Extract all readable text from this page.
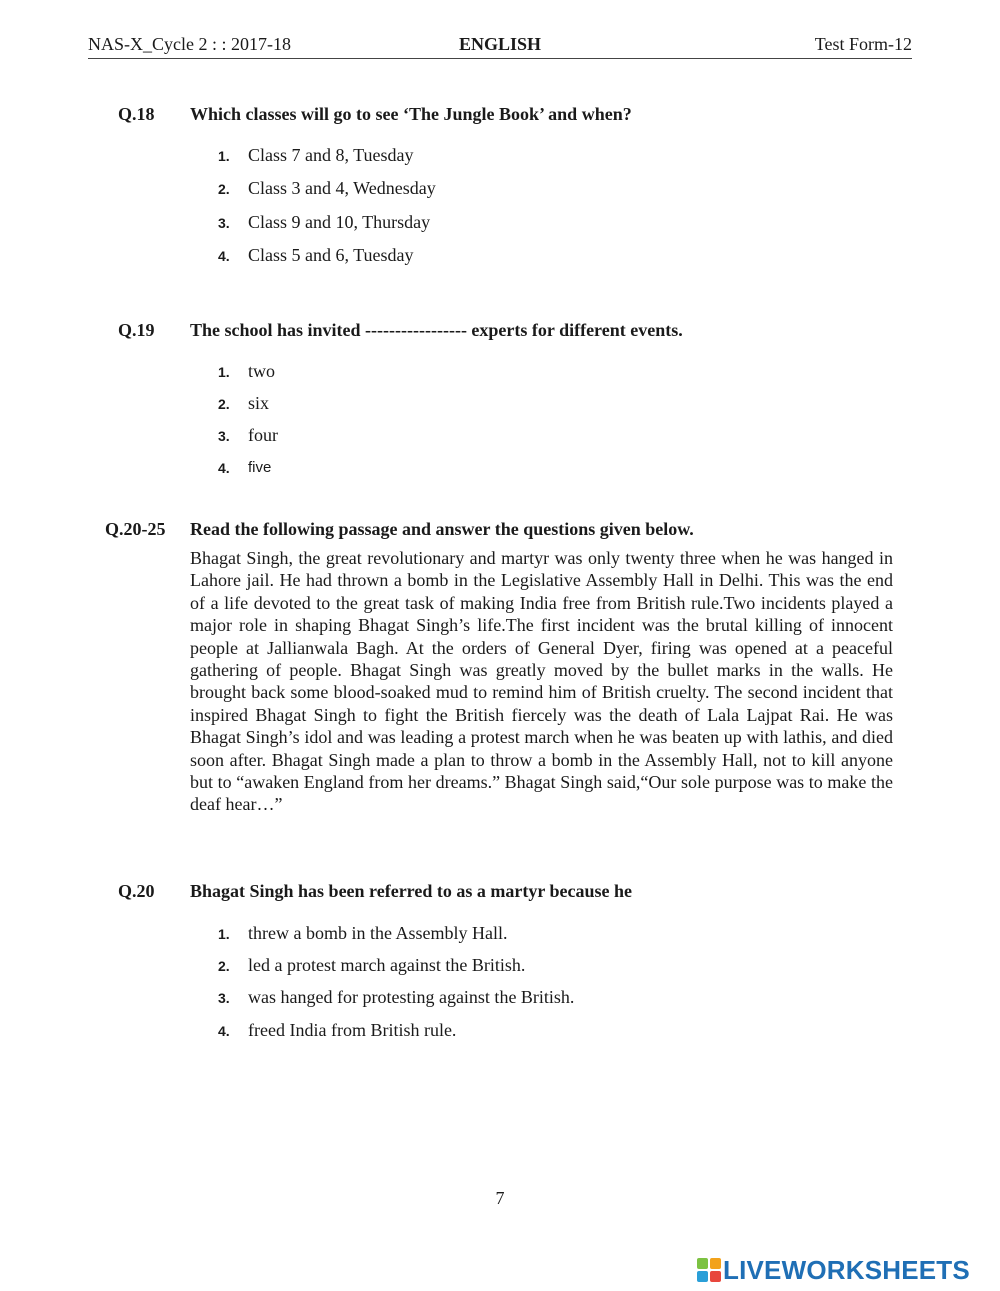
NAS-X_Cycle 2 : : 2017-18	ENGLISH	Test Form-12
Q.18 Which classes will go to see ‘The Jungle Book’ and when?
1.	Class 7 and 8, Tuesday
2.	Class 3 and 4, Wednesday
3.	Class 9 and 10, Thursday
4.	Class 5 and 6, Tuesday
Q.19 The school has invited ----------------- experts for different events.
1.	two
2.	six
3.	four
4.	five
Q.20-25 Read the following passage and answer the questions given below.

Bhagat Singh, the great revolutionary and martyr was only twenty three when he was hanged in Lahore jail. He had thrown a bomb in the Legislative Assembly Hall in Delhi. This was the end of a life devoted to the great task of making India free from British rule.Two incidents played a major role in shaping Bhagat Singh’s life.The first incident was the brutal killing of innocent people at Jallianwala Bagh. At the orders of General Dyer, firing was opened at a peaceful gathering of people. Bhagat Singh was greatly moved by the bullet marks in the walls. He brought back some blood-soaked mud to remind him of British cruelty. The second incident that inspired Bhagat Singh to fight the British fiercely was the death of Lala Lajpat Rai. He was Bhagat Singh’s idol and was leading a protest march when he was beaten up with lathis, and died soon after. Bhagat Singh made a plan to throw a bomb in the Assembly Hall, not to kill anyone but to “awaken England from her dreams.” Bhagat Singh said,“Our sole purpose was to make the deaf hear…”

Q.20 Bhagat Singh has been referred to as a martyr because he
1.	threw a bomb in the Assembly Hall.
2.	led a protest march against the British.
3.	was hanged for protesting against the British.
4.	freed India from British rule.
7
LIVEWORKSHEETS
